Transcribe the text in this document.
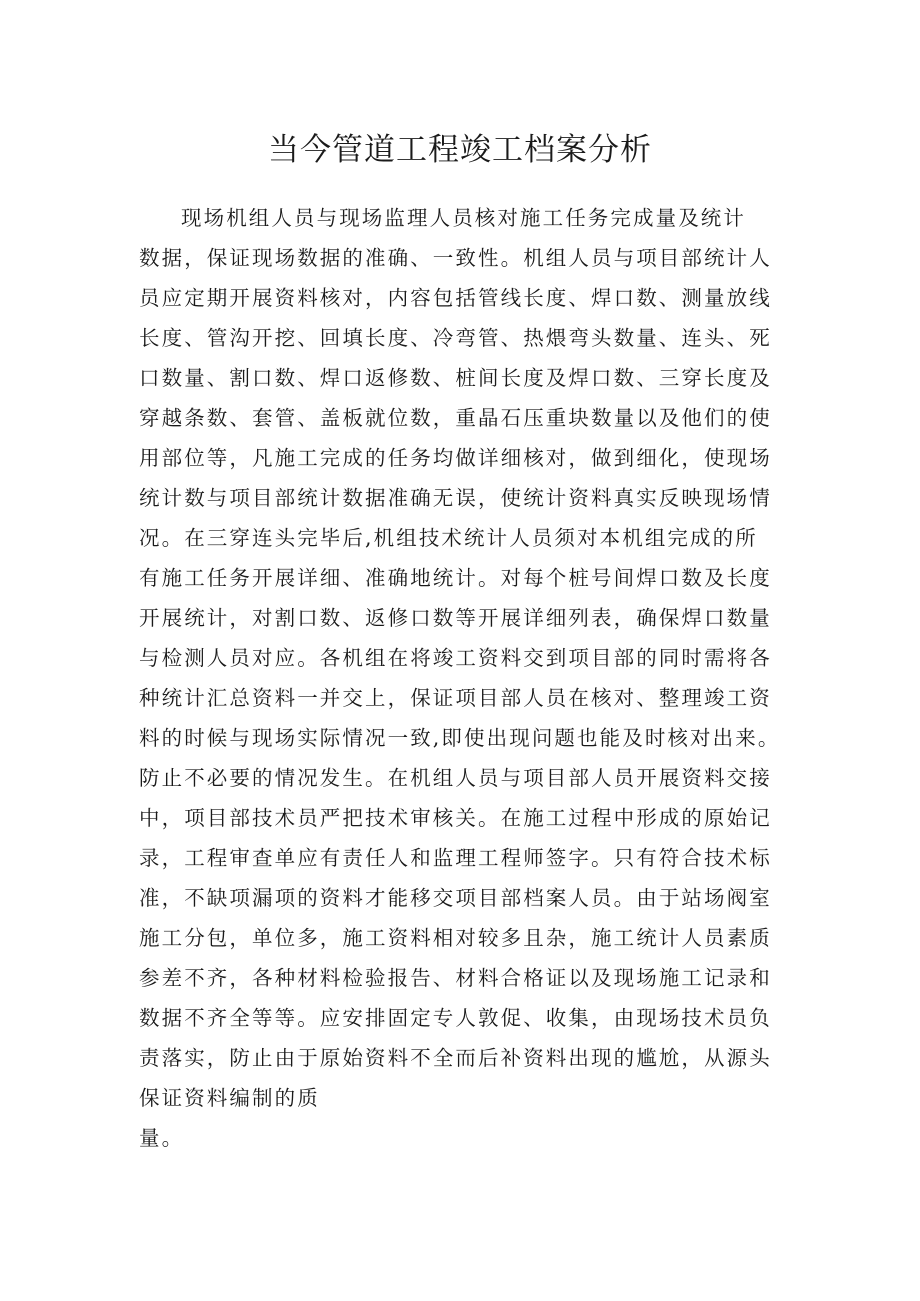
当今管道工程竣工档案分析
现场机组人员与现场监理人员核对施工任务完成量及统计
数据，保证现场数据的准确、一致性。机组人员与项目部统计人
员应定期开展资料核对，内容包括管线长度、焊口数、测量放线
长度、管沟开挖、回填长度、冷弯管、热煨弯头数量、连头、死
口数量、割口数、焊口返修数、桩间长度及焊口数、三穿长度及
穿越条数、套管、盖板就位数，重晶石压重块数量以及他们的使
用部位等，凡施工完成的任务均做详细核对，做到细化，使现场
统计数与项目部统计数据准确无误，使统计资料真实反映现场情
况。在三穿连头完毕后,机组技术统计人员须对本机组完成的所
有施工任务开展详细、准确地统计。对每个桩号间焊口数及长度
开展统计，对割口数、返修口数等开展详细列表，确保焊口数量
与检测人员对应。各机组在将竣工资料交到项目部的同时需将各
种统计汇总资料一并交上，保证项目部人员在核对、整理竣工资
料的时候与现场实际情况一致,即使出现问题也能及时核对出来。
防止不必要的情况发生。在机组人员与项目部人员开展资料交接
中，项目部技术员严把技术审核关。在施工过程中形成的原始记
录，工程审查单应有责任人和监理工程师签字。只有符合技术标
准，不缺项漏项的资料才能移交项目部档案人员。由于站场阀室
施工分包，单位多，施工资料相对较多且杂，施工统计人员素质
参差不齐，各种材料检验报告、材料合格证以及现场施工记录和
数据不齐全等等。应安排固定专人敦促、收集，由现场技术员负
责落实，防止由于原始资料不全而后补资料出现的尴尬，从源头
保证资料编制的质
量。
